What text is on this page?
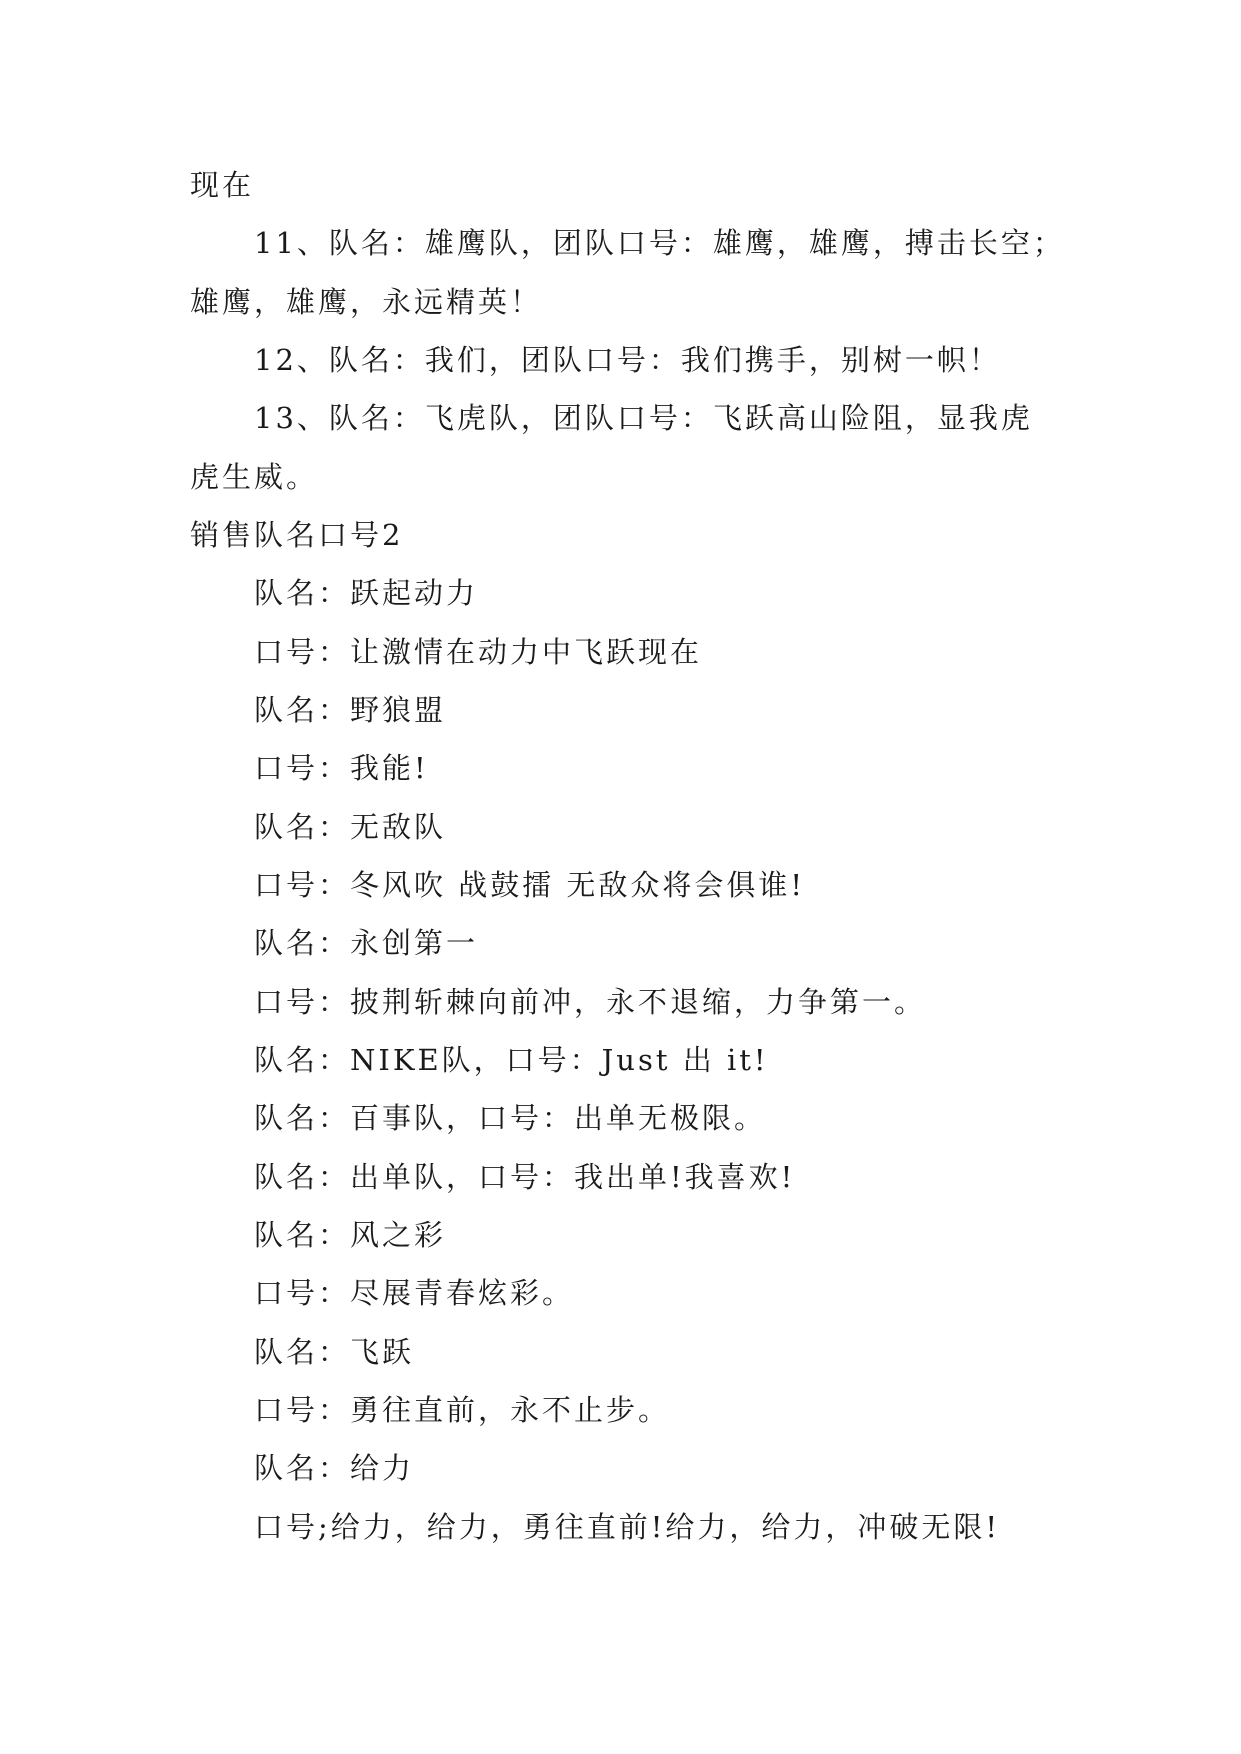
现在

11、队名：雄鹰队，团队口号：雄鹰，雄鹰，搏击长空；

雄鹰，雄鹰，永远精英！

12、队名：我们，团队口号：我们携手，别树一帜！

13、队名：飞虎队，团队口号：飞跃高山险阻，显我虎

虎生威。

销售队名口号2

队名：跃起动力

口号：让激情在动力中飞跃现在

队名：野狼盟

口号：我能!

队名：无敌队

口号：冬风吹 战鼓擂 无敌众将会俱谁!

队名：永创第一

口号：披荆斩棘向前冲，永不退缩，力争第一。

队名：NIKE队，口号：Just 出 it!

队名：百事队，口号：出单无极限。

队名：出单队，口号：我出单!我喜欢!

队名：风之彩

口号：尽展青春炫彩。

队名：飞跃

口号：勇往直前，永不止步。

队名：给力

口号;给力，给力，勇往直前!给力，给力，冲破无限!
